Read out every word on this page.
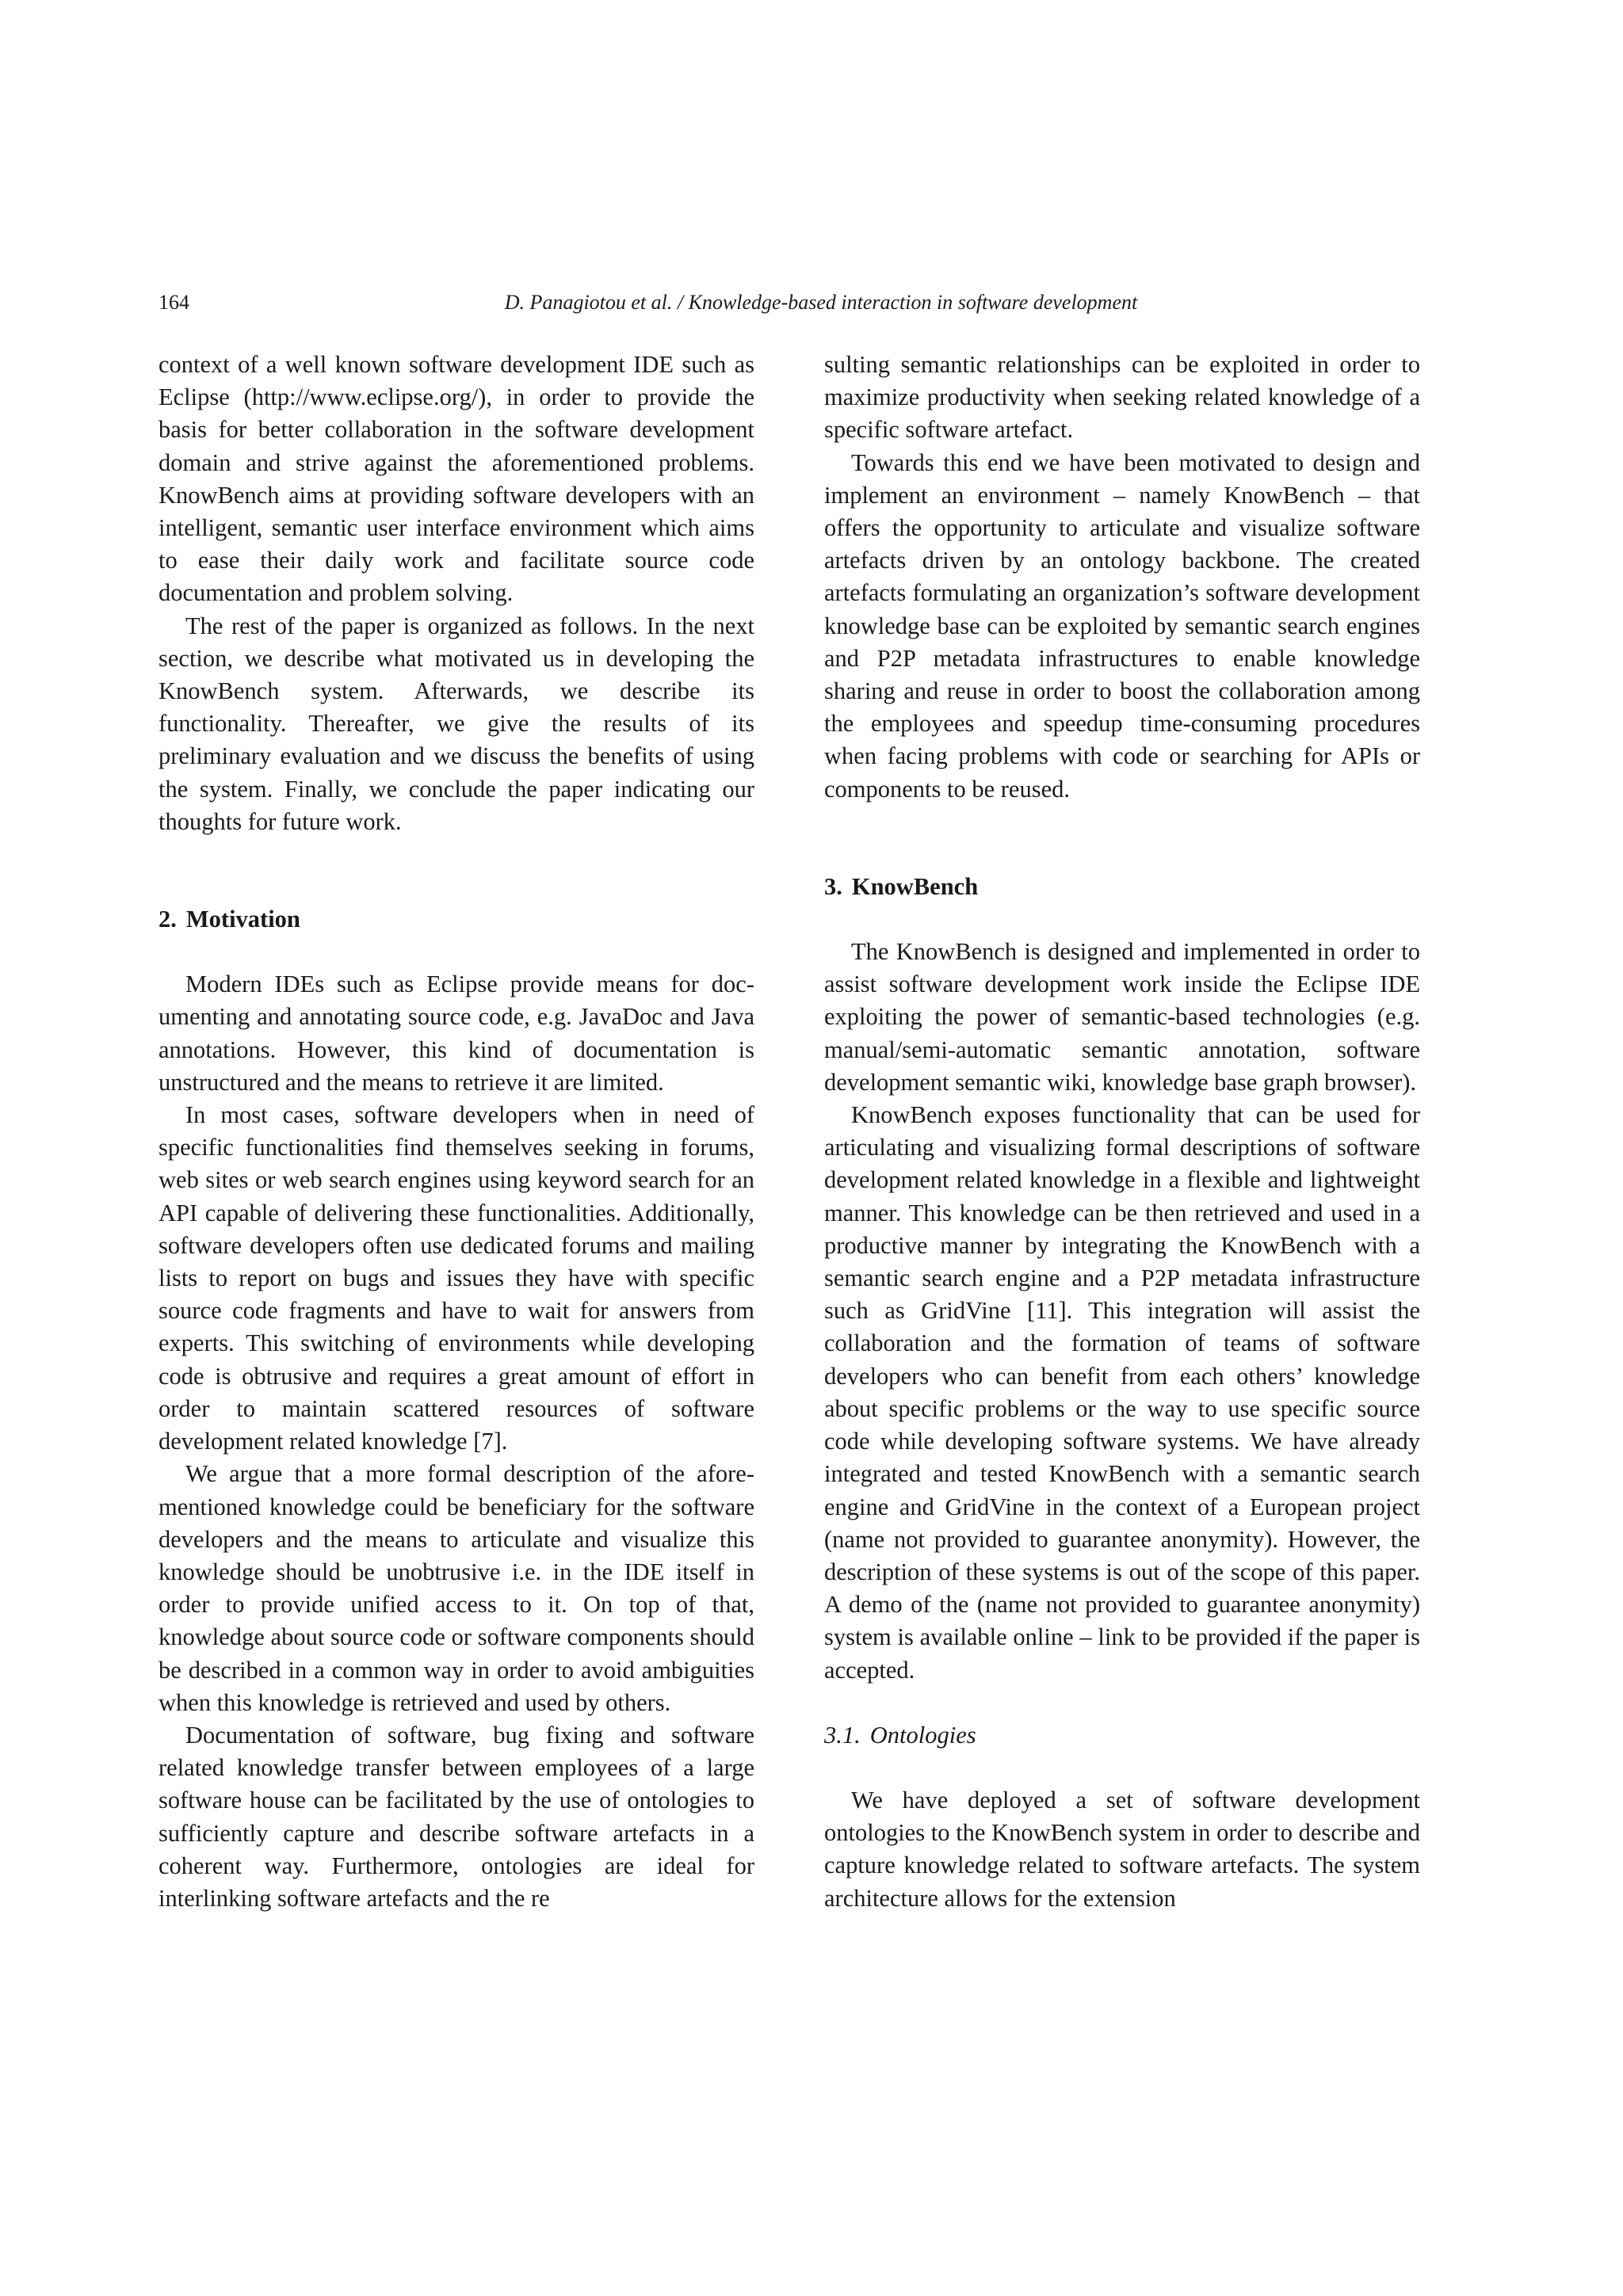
164	D. Panagiotou et al. / Knowledge-based interaction in software development

context of a well known software development IDE such as Eclipse (http://www.eclipse.org/), in order to provide the basis for better collaboration in the software development domain and strive against the aforementioned problems. KnowBench aims at providing software developers with an intelligent, semantic user interface environment which aims to ease their daily work and facilitate source code documentation and problem solving.

The rest of the paper is organized as follows. In the next section, we describe what motivated us in developing the KnowBench system. Afterwards, we describe its functionality. Thereafter, we give the results of its preliminary evaluation and we discuss the benefits of using the system. Finally, we conclude the paper indicating our thoughts for future work.

2. Motivation

Modern IDEs such as Eclipse provide means for documenting and annotating source code, e.g. JavaDoc and Java annotations. However, this kind of documentation is unstructured and the means to retrieve it are limited.

In most cases, software developers when in need of specific functionalities find themselves seeking in forums, web sites or web search engines using keyword search for an API capable of delivering these functionalities. Additionally, software developers often use dedicated forums and mailing lists to report on bugs and issues they have with specific source code fragments and have to wait for answers from experts. This switching of environments while developing code is obtrusive and requires a great amount of effort in order to maintain scattered resources of software development related knowledge [7].

We argue that a more formal description of the aforementioned knowledge could be beneficiary for the software developers and the means to articulate and visualize this knowledge should be unobtrusive i.e. in the IDE itself in order to provide unified access to it. On top of that, knowledge about source code or software components should be described in a common way in order to avoid ambiguities when this knowledge is retrieved and used by others.

Documentation of software, bug fixing and software related knowledge transfer between employees of a large software house can be facilitated by the use of ontologies to sufficiently capture and describe software artefacts in a coherent way. Furthermore, ontologies are ideal for interlinking software artefacts and the re

sulting semantic relationships can be exploited in order to maximize productivity when seeking related knowledge of a specific software artefact.

Towards this end we have been motivated to design and implement an environment – namely KnowBench – that offers the opportunity to articulate and visualize software artefacts driven by an ontology backbone. The created artefacts formulating an organization’s software development knowledge base can be exploited by semantic search engines and P2P metadata infrastructures to enable knowledge sharing and reuse in order to boost the collaboration among the employees and speedup time-consuming procedures when facing problems with code or searching for APIs or components to be reused.

3. KnowBench

The KnowBench is designed and implemented in order to assist software development work inside the Eclipse IDE exploiting the power of semantic-based technologies (e.g. manual/semi-automatic semantic annotation, software development semantic wiki, knowledge base graph browser).

KnowBench exposes functionality that can be used for articulating and visualizing formal descriptions of software development related knowledge in a flexible and lightweight manner. This knowledge can be then retrieved and used in a productive manner by integrating the KnowBench with a semantic search engine and a P2P metadata infrastructure such as GridVine [11]. This integration will assist the collaboration and the formation of teams of software developers who can benefit from each others’ knowledge about specific problems or the way to use specific source code while developing software systems. We have already integrated and tested KnowBench with a semantic search engine and GridVine in the context of a European project (name not provided to guarantee anonymity). However, the description of these systems is out of the scope of this paper. A demo of the (name not provided to guarantee anonymity) system is available online – link to be provided if the paper is accepted.

3.1. Ontologies

We have deployed a set of software development ontologies to the KnowBench system in order to describe and capture knowledge related to software artefacts. The system architecture allows for the extension
